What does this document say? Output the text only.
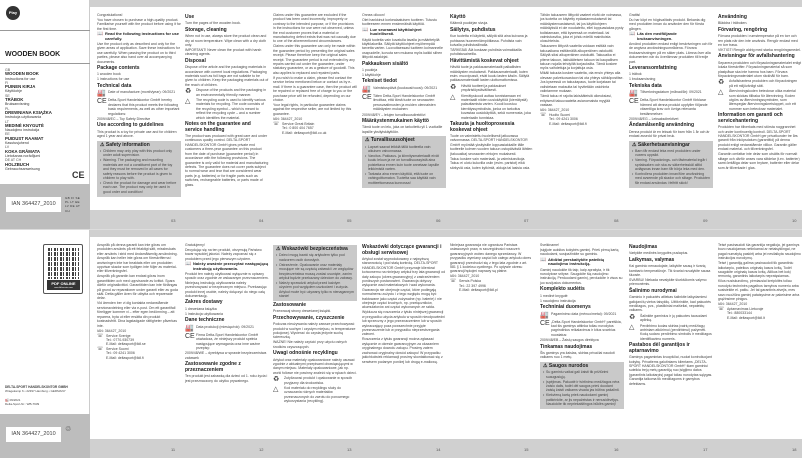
Congratulations!

You have chosen to purchase a high-quality product. Familiarise yourself with the product before using it for the first time.

📖 Read the following instructions for use carefully.

Use the product only as described and only for the given areas of application. Save these instructions for use carefully. When passing the product on to third parties, please also hand over all accompanying documents.

Package contents

1 wooden book

1 instructions for use

Technical data
🏭 Date of manufacture (month/year): 09/2021
CE Delta-Sport Handelskontor GmbH hereby declares that this product meets the following basic requirements, as well as other important regulations:

2009/48/EC – Toy Safety Directive

Use according to guidelines

This product is a toy for private use and for children aged 1 year and above.

⚠ Safety information
• Children may only play with this product only under adult supervision.
• Warning. The packaging and mounting materials are not a constituent part of the toy and they must be removed in all cases for safety reasons before the product is given to children to play with.
• Check the product for damage and wear before each use. The product may only be used in good order and condition!
Use

Turn the pages of the wooden book.

Storage, cleaning

When not in use, always store the product clean and dry at room temperature. Wipe clean with a dry cloth only.

IMPORTANT! Never clean the product with harsh cleaning agents.

Disposal

Dispose of the article and the packaging materials in accordance with current local regulations. Packaging materials such as foil bags are not suitable to be given to children. Keep the packaging materials out of the reach of children.

♻	Dispose of the products and the packaging in an environmentally friendly manner.
△	The recycling code is used to identify various materials for recycling. The code consists of the recycling symbol – which is meant to reflect the recycling cycle – and a number which identifies the material.
Notes on the guarantee and service handling

The product was produced with great care and under continuous quality control. DELTA-SPORT HANDELSKONTOR GmbH gives private end customers a three-year guarantee on this product from the date of purchase (guarantee period) in accordance with the following provisions. The guarantee is only valid for material and manufacturing defects. The guarantee does not cover parts subject to normal wear and tear that are considered wear parts (e.g. batteries) or for fragile parts such as switches, rechargeable batteries, or parts made of glass.

Claims under this guarantee are excluded if the product has been used incorrectly, improperly or contrary to the intended purpose, or if the provisions in the instructions for use were not observed, unless the end customer proves that a material or manufacturing defect exists that was not causally due to one of the aforementioned circumstances.

Claims under this guarantee can only be made within the guarantee period by presenting the original sales receipt. Please therefore keep the original sales receipt. The guarantee period is not extended by any repairs carried out under the guarantee, under statutory guarantee, or as a gesture of goodwill. This also applies to replaced and repaired parts.

If you wish to make a claim, please first contact the service below mentioned below or contact us by e-mail. If there is a guarantee case, then the product will be repaired or replaced free of charge to you or the purchase price will be refunded, depending on our choice.

Your legal rights, in particular guarantee claims against the respective seller, are not limited by this guarantee.

IAN: 364427_2010

☏ Service Great Britain
Tel.: 0 800 404 7657
E-Mail: deltasport@lidl.co.uk

Onnea olkoon!

Olet hankkinut korkealaatuisen tuotteen. Tutustu tuotteeseen ennen ensimmäistä käyttöä.

📖 Lue seuraavat käyttöohjeet huolellisesti.

Käytä tuotetta vain kuvatulla tavalla ja määritetyllä käyttöalueilla. Säilytä käyttöohjeet myöhempää tarvetta varten. Luovuttaessasi tuotteen kolmannelle osapuolelle, luovuta sen mukana myös kaikki siihen liittyvät asiakirjat.

Pakkauksen sisältö

1 puukirja

1 käyttöohje

Tekniset tiedot
🏭 Valmistuspäivä (kuukausi/vuosi): 09/2021
CE Täten Delta-Sport Handelskontor GmbH ilmoittaa, että tämä tuote on seuraavien perusvaatimusten ja muiden olennaisten määräysten mukainen:

2009/48/EY – lelujen turvallisuusdirektiivi

Määräystenmukainen käyttö

Tämä tuote on lelu, joka on tarkoitettu yli 1 vuotiaille lapsille yksityiskäyttöön.

⚠ Turvallisuusohjeet
• Lapset saavat leikkiä tällä tuotteella vain aikuisen valvonnassa.
• Varoitus. Pakkaus- ja kiinnitysmateriaalit eivät kuulu leluun ja ne on turvallisuussyistä aina poistettava ennen kuin tuote annetaan lapsille leikkimistä varten.
• Tarkasta aina ennen käyttöä, että tuote on vahingoittumaton. Tuotetta saa käyttää vain moitteettomassa kunnossa!
Käyttö

Käännä puukirjan sivuja.

Säilytys, puhdistus

Kun tuotetta ei käytetä, säilytä sitä aina kuivana ja puhtaana huoneenlämpötilassa. Puhdista vain kuivalla puhdistusliinalla.

TÄRKEÄÄ! Älä koskaan puhdista voimakkailla puhdistusaineilla.

Hävittämistä koskevat ohjeet

Hävitä tuote ja pakkausmateriaalit paikallisten määräysten mukaisesti. Pakkausmateriaalit, kuten esim. muovipussit, eivät kuulu lasten käsiin. Säilytä pakkausmateriaalit lasten ulottumattomissa.

♻	Hävitä tuotteet ja pakkaukset ympäristöystävällisesti.
△	Kierrätyskoodi auttaa tunnistamaan eri materiaalit niiden uusiokäyttöä (kierrätystä) palauttamista varten. Koodi koostuu kierrätyssymbolista, jonka on tarkoitus kuvastaa uusiokäyttöä, sekä numerosta, joka materiaalin tunnistaa.
Takuuta ja huoltoprosessia koskevat ohjeet

Tuote on valmistettu huolellisesti jatkuvassa valvonnassa. DELTA-SPORT HANDELSKONTOR GmbH myöntää yksityisille loppuasiakkaille tälle tuotteelle kolmen vuoden takuun ostopäivästä lähtien (takuuaika) seuraavien ehtojen mukaisesti.

Takuu koskee vain materiaali- ja valmistusvikoja. Takuu ei ulotu kuluvilla osiin (esim. paristot) eikä särkyviä osia, kuten kytkimiä, akkuja tai lasisia osia.

Tähän takuuseen liittyvät vaateet eivät ole voimassa, jos tuotetta on käytetty epäasianmukaisesti tai määräystenvastaisesti, tai jos käyttöohjeen määräyksiä ei ole noudatettu, ellei loppuasiakas pysty todistamaan, että kyseessä on materiaali- tai valmistusvika, joka ei johdu edellä mainituista olosuhteista.

Takuuseen liittyviä vaateita voidaan esittää vain takuuaikana esittämällä alkuperäinen ostokuitti. Säilytä siksi alkuperäinen ostokuitti. Takuuaika ei pitene takuun, lakisääteisen takuun tai kaupallisen takuun nojalla tehdyiltä korjauksilta. Tämä koskee myös vaihdettuja ja korjattuja osia.

Mikäli takuuta koskee vaateita, ota ensin yhteys alla olevaan palveluosastoon tai ota yhteys sähköpostitse. Jos kyseessä on takuutapaus, tuote korjataan tai vaihdetaan maksutta tai hyvitetään ostohinta valintamme mukaan.

Tämä takuu ei rajoita lakisääteisiä oikeuksiasi, erityisesti takuuvaateita asianomaista myyjää vastaan.

IAN: 364427_2010

☏ Huolto Suomi
Tel.: 09 4241 3006
E-Mail: deltasport@lidl.fi

Grattis!

Du har köpt en högkvalitativ produkt. Bekanta dig med produkten innan du använder den för första gången.

📖 Läs den medföljande bruksanvisningen.

Använd produkten endast enligt beskrivningen och för de angivna användningsområdena. Förvara bruksanvisningen på en säker plats. Lämna över alla dokumenten när du överlämnar produkten till tredje part.

Leveransomfattning

1 träbok

1 bruksanvisning

Tekniska data
🏭 Tillverkningsdatum (månad/år): 09/2021
CE Delta-Sport Handelskontor GmbH förklarar härmed att denna produkt uppfyller följande väsentliga krav och övriga relevanta bestämmelser:

2009/48/EG – Leksaksdirektivet

Ändamålsenlig användning

Denna produkt är en leksak för barn från 1 år och är endast avsedd för privat bruk.

⚠ Säkerhetsanvisningar
• Barn får endast leka med produkten under vuxens uppsikt.
• Varning. Förpacknings- och fästmaterial ingår i sprlaksaken och ska av säkerhetsskäl alltid avlägsnas innan barn får börja leka med den.
• Kontrollera produkten innan/före användning med avseende på skador och slitage. Produkten får endast användas i felfritt skick!
Användning

Bläddra i träboken.

Förvaring, rengöring

Förvara produkten i rumstemperatur på en torr och ren plats när den inte används. Rengör endast med en torr trasa.

VIKTIGT! Rengör aldrig med starka rengöringsmedel.

Anvisningar för avfallshantering

Separera produkten och förpackningsmaterialet enligt lokala föreskrifter. Förpackningsmaterial så som plastpåsar ska inte hamna hos barn. Förvara förpackningsmaterialet utom räckhåll för barn.

♻	Avfallshantera produkten och förpackningen på ett miljövänligt sätt.
△	Återvinningskoden betecknar olika material som skickas tillbaka för återvinning. Koden utgörs av återvinningssymbolen, som återspeglar återvinningskretsloppet, och ett nummer som betecknar materialet.
Information om garanti och servicehantering

Produkten har tillverkats med största noggrannhet och under kontinuerlig kontroll. DELTA-SPORT HANDELSKONTOR GmbH ger privatkunder tre års garanti från inköpsdatum (garantitid) på denna produkt enligt nedanstående villkor. Garantin gäller endast material- och tillverkningsfel.

Garantin omfattar inte delar som utsätts för normalt slitage och därför anses vara slitdelar (t.ex. batterier) samt ömtåliga delar som brytare, batterier eller delar som är tillverkade i glas.

Play
WOODEN BOOK
GB
WOODEN BOOK
Instructions for use
FI
PUINEN KIRJA
Käyttöohje
SE
TRÄBOK
Bruksanvisning
PL
DREWNIANA KSIĄŻKA
Instrukcja użytkowania
LT
MEDINĖ KNYGUTĖ
Naudojimo instrukcija
EE
PUIDUST RAAMAT
Kasutusjuhend
LV
KOKA GRĀMATA
Lietošanas norādījumi
DE AT CH
HOLZBUCH
Gebrauchsanweisung
CE
IAN 364427_2010
GB FI SE PL LT EE LV DE AT CH
03	04	05	06	07	08	09	10

Anspråk på denna garanti kan inte göras om produkten använts på ett felaktigt sätt, missbrukats eller använts i strid med ändamålsenlig användning. Anspråk kan heller inte göras om föreskrifterna i anvisningen inte har beaktats eller om produkten uppvisar skador som tydligen inte följer av material- eller tillverkningsfel.

Anspråk på garantin kan endast göras inom garantitiden och med uppvisande av kvittot. Spara därför originalkvittot. Garantitiden kan inte förlängas på grund av reparationer under garanti eller av goda skäl. Detta gäller även för utbytta och reparerade delar.

Vid ärenden ber vi dig kontakta nedanstående serviceavdelning eller via e-post. Om ett garantifall föreligger kommer vi – efter egen bedömning – att reparera, byta ut eller ersätta din produkt kostnadsfritt. Dina lagstadgade rättigheter påverkas inte.

IAN: 364427_2010

☏ Service Sverige
Tel.: 0770-930739
E-Mail: deltasport@lidl.se
☏ Service Suomi
Tel.: 09 4241 3006
E-Mail: deltasport@lidl.fi

Gratulujemy!

Decydując się na ten produkt, otrzymują Państwo towar wysokiej jakości. Należy zapoznać się z produktem przed jego pierwszym użyciem.

📖 Należy uważnie przeczytać następującą instrukcję użytkowania.

Produkt ten należy użytkować wyłącznie w opisany sposób oraz zgodnie ze wskazanym przeznaczeniem. Niniejszą instrukcję użytkowania należy przechowywać w bezpiecznym miejscu. Przekazując produkt innej osobie, należy dołączyć do niego całą dokumentację.

Zakres dostawy

1 drewniana książka

1 instrukcja użytkowania

Dane techniczne
🏭 Data produkcji (miesiąc/rok): 09/2021
CE Firma Delta-Sport Handelskontor GmbH oświadcza, że niniejszy produkt spełnia następujące wymagania oraz inne ważne przepisy:

2009/48/WE – dyrektywa w sprawie bezpieczeństwa zabawek

Zastosowanie zgodne z przeznaczeniem

Ten produkt jest zabawką dla dzieci od 1. roku życia i jest przeznaczony do użytku prywatnego.

⚠ Wskazówki bezpieczeństwa
• Dzieci mogą bawić się artykułem tylko pod nadzorem osób dorosłych.
• Ostrzeżenie. Opakowanie oraz materiały mocujące nie są częścią zabawki i ze względów bezpieczeństwa muszą zostać usunięte, zanim artykuł będzie przekazany dzieciom do zabawy.
• Należy sprawdzić artykuł przed każdym użyciem pod względem uszkodzeń i zużycia. Artykuł może być używany tylko w nienagannym stanie!
Zastosowanie

Przewracaj strony drewnianej książki.

Przechowywanie, czyszczenie

Podczas nieużywania należy zawsze przechowywać produkt w suchym i czystym miejscu, w temperaturze pokojowej. Wycierać do czysta jedynie suchą ściereczką.

WAŻNE! Nie należy czyścić przy użyciu ostrych środków czyszczących.

Uwagi odnośnie recyklingu

Artykuł oraz materiały opakowaniowe należy usuwać zgodnie z aktualnymi przepisami obowiązującymi w danym miejscu. Materiały opakowaniowe, jak np. worki foliowe nie powinny znaleźć się w rękach dzieci.

♻	Zutylizować produkt i opakowanie w sposób przyjazny dla środowiska.
△	Kod materiału do recyklingu służy do oznaczania różnych materiałów przeznaczonych do zwrotu do ponownego wykorzystania (recykling).
Wskazówki dotyczące gwarancji i obsługi serwisowej

Artykuł został wyprodukowany z najwyższą starannością i pod stałą kontrolą. DELTA-SPORT HANDELSKONTOR GmbH przyznaje klientowi końcowemu na niniejszy artykuł trzy lata gwarancji od daty zakupu (okres gwarancyjny) z zastrzeżeniem poniższych postanowień. Gwarancja dotyczy wyłącznie wad materiałowych i wad wykonania. Gwarancja nie obejmuje części, które podlegają normalnemu zużyciu i z tego względu mogą być traktowane jako części zużywalne (np. baterie) i nie obejmuje części kruchych, np. przełączników, akumulatorów ani części wykonanych ze szkła.

Wyklucza się roszczenia z tytułu niniejszej gwarancji w przypadku użycia artykułu w sposób nieodpowiedni lub sprzeczny z jego przeznaczeniem lub w sposób wykraczający poza powszechnie przyjęte przeznaczenie lub w przypadku nieprzestrzegania zaleceń.

Roszczenia z tytułu gwarancji można zgłaszać wyłącznie w okresie gwarancyjnym za okazaniem oryginalnego dowodu zakupu. Prosimy zatem zachować oryginalny dowód zakupu! W przypadku jakichkolwiek reklamacji prosimy skontaktować się z serwisem podanym poniżej lub drogą e-mailową.

Niniejsza gwarancja nie ogranicza Państwa ustawowych praw, w szczególności roszczeń gwarancyjnych wobec danego sprzedawcy. W przypadku wymiany części lub całego artykułu okres gwarancji przechodzi się z tego lata zgodnie z art. 581 § 1 kodeksu cywilnego. Po upływie okresu gwarancji/rękojmi naprawy są płatne.

IAN: 364427_2010

☏ Serwis Polska
Tel.: 22 397 4996
E-Mail: deltasport@lidl.pl

Sveikiname!

Įsigijote aukštos kokybės gaminį. Prieš pirmą kartą naudodami, susipažinkite su gaminiu.

📖 Atidžiai perskaitykite pateiktą naudojimo instrukciją.

Gaminį naudokite tik taip, kaip aprašyta, ir tik nurodytose srityse. Saugokite šią naudojimo instrukciją. Perduodami gaminį, perduokite ir visus su juo susijusius dokumentus.

Komplekto sudėtis

1 medinė knygutė

1 naudojimo instrukcija

Techniniai duomenys
🏭 Pagaminimo data (mėnuo/metai): 09/2021
CE „Delta-Sport Handelskontor GmbH“ pareiškia, kad šis gaminys atitinka toliau nurodytus pagrindinius reikalavimus ir kitus svarbius nuostatus:

2009/48/EB – Žaislų saugos direktyva

Tinkamas naudojimas

Šis gaminys yra žaislas, skirtas privačiai naudoti vaikams nuo 1 metų.

⚠ Saugos nurodos
• Su gaminiu vaikai gali žaisti tik prižiūrimi suaugusiųjų.
• Įspėjimas. Pakuotė ir tvirtinimo medžiagos nėra žaislo dalis, todėl dėl saugos prieš duodant žaislą žaisti vaikams visada jas būtina pašalinti.
• Kiekvieną kartą prieš naudodami gaminį patikrinkite, ar jis nepažeistas ir nenusidėvėjęs. Naudokite tik nepriekaištingos būklės gaminį!
Naudojimas

Vartykite medinės knygutės puslapius.

Laikymas, valymas

Kai gaminio nenaudojate, laikykite sausą ir švarią kambario temperatūroje. Tik švariai nuvalykite sausa šluoste.

SVARBU! Niekada nevalykite šiurkščiomis valymo priemonėmis.

Šalinimo nurodymai

Gaminio ir pakuotės atliekas šalinkite laikydamiesi galiojančių vietos taisyklių. Užtikrinkite, kad pakuotės medžiagos, pvz., plastikiniai maišeliai, nepatektų vaikams.

♻	Šalinkite gaminius ir jų pakuotes tausodami aplinką.
△	Perdirbimo kodas skirtas įvairių medžiagų antriniam atkūrimui (perdirbimui) pažymėti. Kodą sudaro perdirbimo simbolis ir medžiagos identifikavimo numeris.
Pastabos dėl garantijos ir aptarnavimo

Gaminys pagamintas kruopščiai, nuolat kontroliuojant kokybę. Privatiems galutiniams klientams „DELTA-SPORT HANDELSKONTOR GmbH“ šiam gaminiui suteikia trejų metų garantiją nuo įsigijimo datos (garantinis laikotarpis) pagal toliau nurodytas sąlygas. Garantija taikoma tik medžiagoms ir gamybos defektams.

Teisė pasinaudoti šia garantija negalioja, jei gaminys buvo naudojamas netinkamai ar netaisyklingai, ne pagal numatytą paskirtį arba jei nesilaikyta naudojimo instrukcijos nurodymų.

Teisė į garantiją galima pasinaudoti tik garantiniu laikotarpiu, pateikus originalų kasos kvitą. Todėl saugokite originalų kasos kvitą. Atlikus bet kokį remontą, garantinis laikotarpis nepratęsiamas.

Kilus nusiskundimų, pirmiausiai kreipkitės toliau nurodytu techninės pagalbos tarnybos numeriu arba susisiekite el. paštu. Jei tai garantinis atvejis, mes savo nuožiūra gaminį pataisysime ar pakeisime arba grąžinsime pinigus.

IAN: 364427_2010

☏ Aptarnavimas Lietuvoje
Tel.: 880033144
E-Mail: deltasport@lidl.lt
PDF ONLINE
www.lidl-service.com
DELTA-SPORT HANDELSKONTOR GMBH
Wragekamp 6 • 22397 Hamburg • GERMANY
🏭 09/2021
Delta-Sport-Nr.: WB-7939
IAN 364427_2010
♲
11	12	13	14	15	16	17	18
